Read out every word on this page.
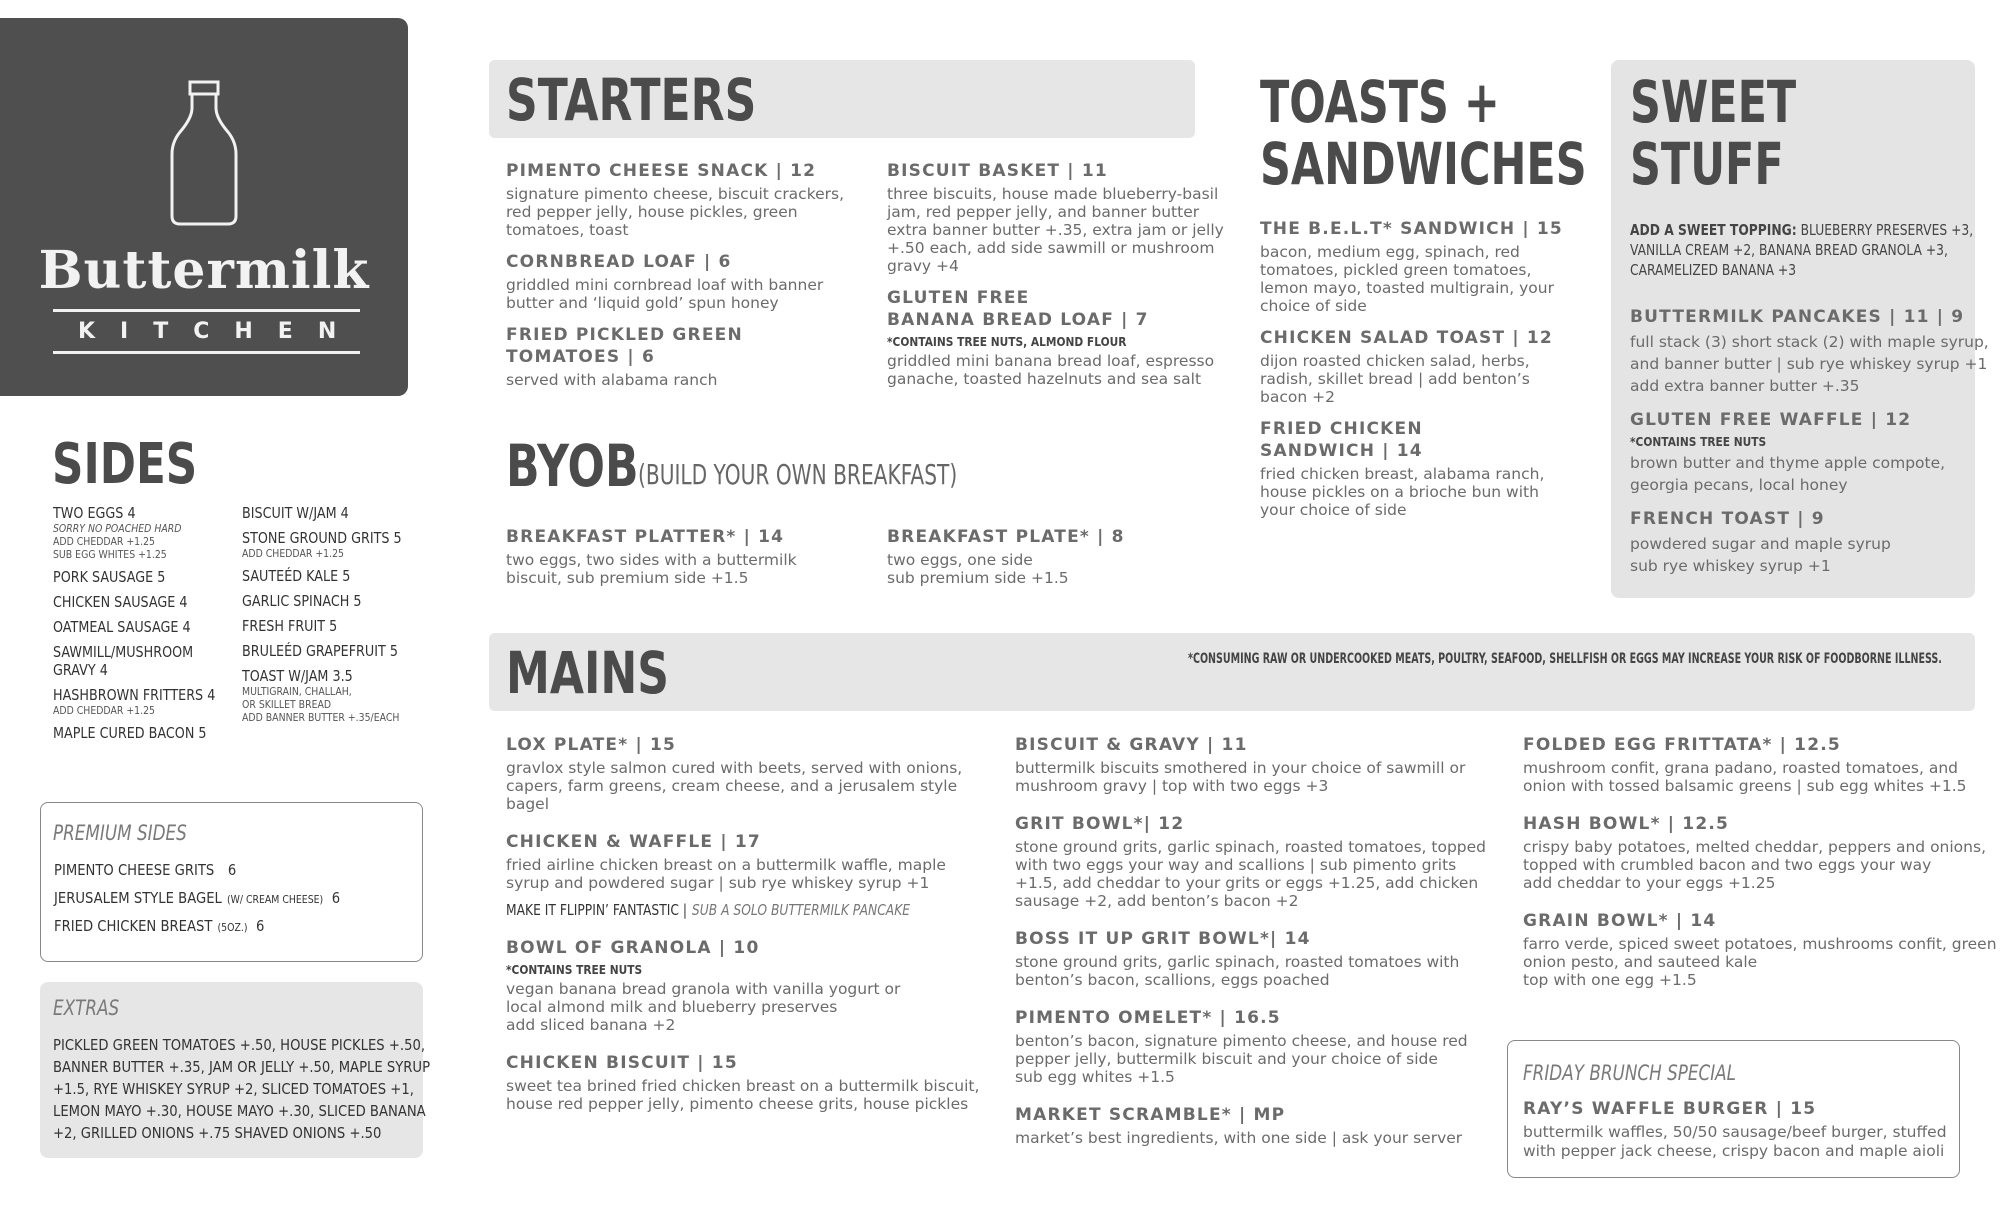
Buttermilk
KITCHEN
SIDES
TWO EGGS 4
SORRY NO POACHED HARD
ADD CHEDDAR +1.25
SUB EGG WHITES +1.25
PORK SAUSAGE 5
CHICKEN SAUSAGE 4
OATMEAL SAUSAGE 4
SAWMILL/MUSHROOM
GRAVY 4
HASHBROWN FRITTERS 4
ADD CHEDDAR +1.25
MAPLE CURED BACON 5
BISCUIT W/JAM 4
STONE GROUND GRITS 5
ADD CHEDDAR +1.25
SAUTEÉD KALE 5
GARLIC SPINACH 5
FRESH FRUIT 5
BRULEÉD GRAPEFRUIT 5
TOAST W/JAM 3.5
MULTIGRAIN, CHALLAH,
OR SKILLET BREAD
ADD BANNER BUTTER +.35/EACH
PREMIUM SIDES
PIMENTO CHEESE GRITS 6
JERUSALEM STYLE BAGEL (W/ CREAM CHEESE) 6
FRIED CHICKEN BREAST (5OZ.) 6
EXTRAS
PICKLED GREEN TOMATOES +.50, HOUSE PICKLES +.50,
BANNER BUTTER +.35, JAM OR JELLY +.50, MAPLE SYRUP
+1.5, RYE WHISKEY SYRUP +2, SLICED TOMATOES +1,
LEMON MAYO +.30, HOUSE MAYO +.30, SLICED BANANA
+2, GRILLED ONIONS +.75 SHAVED ONIONS +.50
STARTERS
PIMENTO CHEESE SNACK | 12
signature pimento cheese, biscuit crackers,
red pepper jelly, house pickles, green
tomatoes, toast
CORNBREAD LOAF | 6
griddled mini cornbread loaf with banner
butter and ‘liquid gold’ spun honey
FRIED PICKLED GREEN
TOMATOES | 6
served with alabama ranch
BISCUIT BASKET | 11
three biscuits, house made blueberry-basil
jam, red pepper jelly, and banner butter
extra banner butter +.35, extra jam or jelly
+.50 each, add side sawmill or mushroom
gravy +4
GLUTEN FREE
BANANA BREAD LOAF | 7
*CONTAINS TREE NUTS, ALMOND FLOUR
griddled mini banana bread loaf, espresso
ganache, toasted hazelnuts and sea salt
BYOB (BUILD YOUR OWN BREAKFAST)
BREAKFAST PLATTER* | 14
two eggs, two sides with a buttermilk
biscuit, sub premium side +1.5
BREAKFAST PLATE* | 8
two eggs, one side
sub premium side +1.5
TOASTS +
SANDWICHES
THE B.E.L.T* SANDWICH | 15
bacon, medium egg, spinach, red
tomatoes, pickled green tomatoes,
lemon mayo, toasted multigrain, your
choice of side
CHICKEN SALAD TOAST | 12
dijon roasted chicken salad, herbs,
radish, skillet bread | add benton’s
bacon +2
FRIED CHICKEN
SANDWICH | 14
fried chicken breast, alabama ranch,
house pickles on a brioche bun with
your choice of side
SWEET
STUFF
ADD A SWEET TOPPING: BLUEBERRY PRESERVES +3,
VANILLA CREAM +2, BANANA BREAD GRANOLA +3,
CARAMELIZED BANANA +3
BUTTERMILK PANCAKES | 11 | 9
full stack (3) short stack (2) with maple syrup,
and banner butter | sub rye whiskey syrup +1
add extra banner butter +.35
GLUTEN FREE WAFFLE | 12
*CONTAINS TREE NUTS
brown butter and thyme apple compote,
georgia pecans, local honey
FRENCH TOAST | 9
powdered sugar and maple syrup
sub rye whiskey syrup +1
MAINS	*CONSUMING RAW OR UNDERCOOKED MEATS, POULTRY, SEAFOOD, SHELLFISH OR EGGS MAY INCREASE YOUR RISK OF FOODBORNE ILLNESS.
LOX PLATE* | 15
gravlox style salmon cured with beets, served with onions,
capers, farm greens, cream cheese, and a jerusalem style
bagel
CHICKEN & WAFFLE | 17
fried airline chicken breast on a buttermilk waffle, maple
syrup and powdered sugar | sub rye whiskey syrup +1
MAKE IT FLIPPIN’ FANTASTIC | SUB A SOLO BUTTERMILK PANCAKE
BOWL OF GRANOLA | 10
*CONTAINS TREE NUTS
vegan banana bread granola with vanilla yogurt or
local almond milk and blueberry preserves
add sliced banana +2
CHICKEN BISCUIT | 15
sweet tea brined fried chicken breast on a buttermilk biscuit,
house red pepper jelly, pimento cheese grits, house pickles
BISCUIT & GRAVY | 11
buttermilk biscuits smothered in your choice of sawmill or
mushroom gravy | top with two eggs +3
GRIT BOWL*| 12
stone ground grits, garlic spinach, roasted tomatoes, topped
with two eggs your way and scallions | sub pimento grits
+1.5, add cheddar to your grits or eggs +1.25, add chicken
sausage +2, add benton’s bacon +2
BOSS IT UP GRIT BOWL*| 14
stone ground grits, garlic spinach, roasted tomatoes with
benton’s bacon, scallions, eggs poached
PIMENTO OMELET* | 16.5
benton’s bacon, signature pimento cheese, and house red
pepper jelly, buttermilk biscuit and your choice of side
sub egg whites +1.5
MARKET SCRAMBLE* | MP
market’s best ingredients, with one side | ask your server
FOLDED EGG FRITTATA* | 12.5
mushroom confit, grana padano, roasted tomatoes, and
onion with tossed balsamic greens | sub egg whites +1.5
HASH BOWL* | 12.5
crispy baby potatoes, melted cheddar, peppers and onions,
topped with crumbled bacon and two eggs your way
add cheddar to your eggs +1.25
GRAIN BOWL* | 14
farro verde, spiced sweet potatoes, mushrooms confit, green
onion pesto, and sauteed kale
top with one egg +1.5
FRIDAY BRUNCH SPECIAL
RAY’S WAFFLE BURGER | 15
buttermilk waffles, 50/50 sausage/beef burger, stuffed
with pepper jack cheese, crispy bacon and maple aioli
